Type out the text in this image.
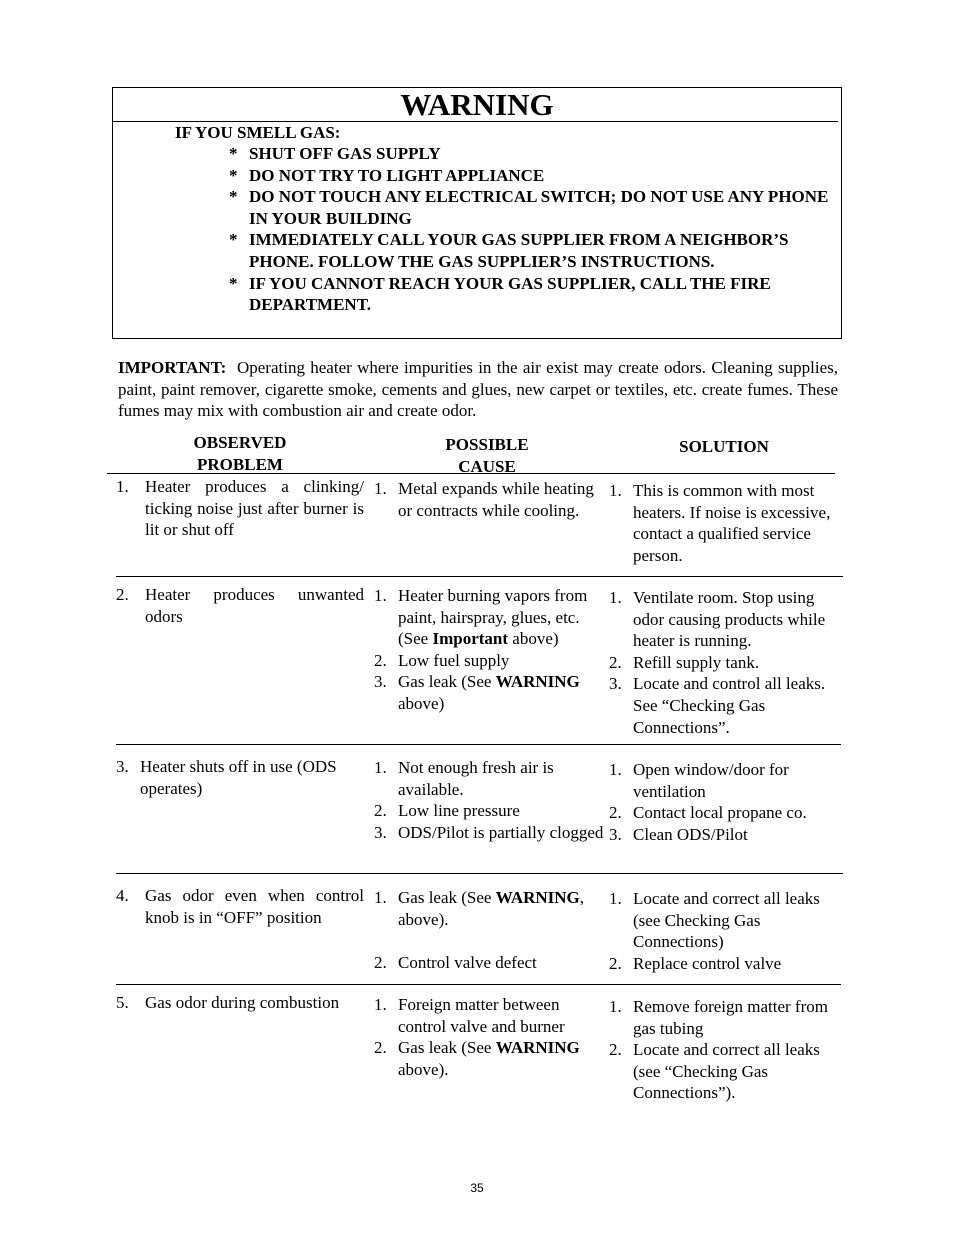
WARNING
IF YOU SMELL GAS:
* SHUT OFF GAS SUPPLY
* DO NOT TRY TO LIGHT APPLIANCE
* DO NOT TOUCH ANY ELECTRICAL SWITCH; DO NOT USE ANY PHONE IN YOUR BUILDING
* IMMEDIATELY CALL YOUR GAS SUPPLIER FROM A NEIGHBOR’S PHONE. FOLLOW THE GAS SUPPLIER’S INSTRUCTIONS.
* IF YOU CANNOT REACH YOUR GAS SUPPLIER, CALL THE FIRE DEPARTMENT.
IMPORTANT: Operating heater where impurities in the air exist may create odors. Cleaning supplies, paint, paint remover, cigarette smoke, cements and glues, new carpet or textiles, etc. create fumes. These fumes may mix with combustion air and create odor.
OBSERVED
PROBLEM
POSSIBLE
CAUSE
SOLUTION
1. Heater produces a clinking/ ticking noise just after burner is lit or shut off
1. Metal expands while heating or contracts while cooling.
1. This is common with most heaters. If noise is excessive, contact a qualified service person.
2. Heater produces unwanted odors
1. Heater burning vapors from paint, hairspray, glues, etc. (See Important above)
2. Low fuel supply
3. Gas leak (See WARNING above)
1. Ventilate room. Stop using odor causing products while heater is running.
2. Refill supply tank.
3. Locate and control all leaks. See “Checking Gas Connections”.
3. Heater shuts off in use (ODS operates)
1. Not enough fresh air is available.
2. Low line pressure
3. ODS/Pilot is partially clogged
1. Open window/door for ventilation
2. Contact local propane co.
3. Clean ODS/Pilot
4. Gas odor even when control knob is in “OFF” position
1. Gas leak (See WARNING, above).
2. Control valve defect
1. Locate and correct all leaks (see Checking Gas Connections)
2. Replace control valve
5. Gas odor during combustion	1. Foreign matter between control valve and burner
2. Gas leak (See WARNING above).
1. Remove foreign matter from gas tubing
2. Locate and correct all leaks (see “Checking Gas Connections”).
35
